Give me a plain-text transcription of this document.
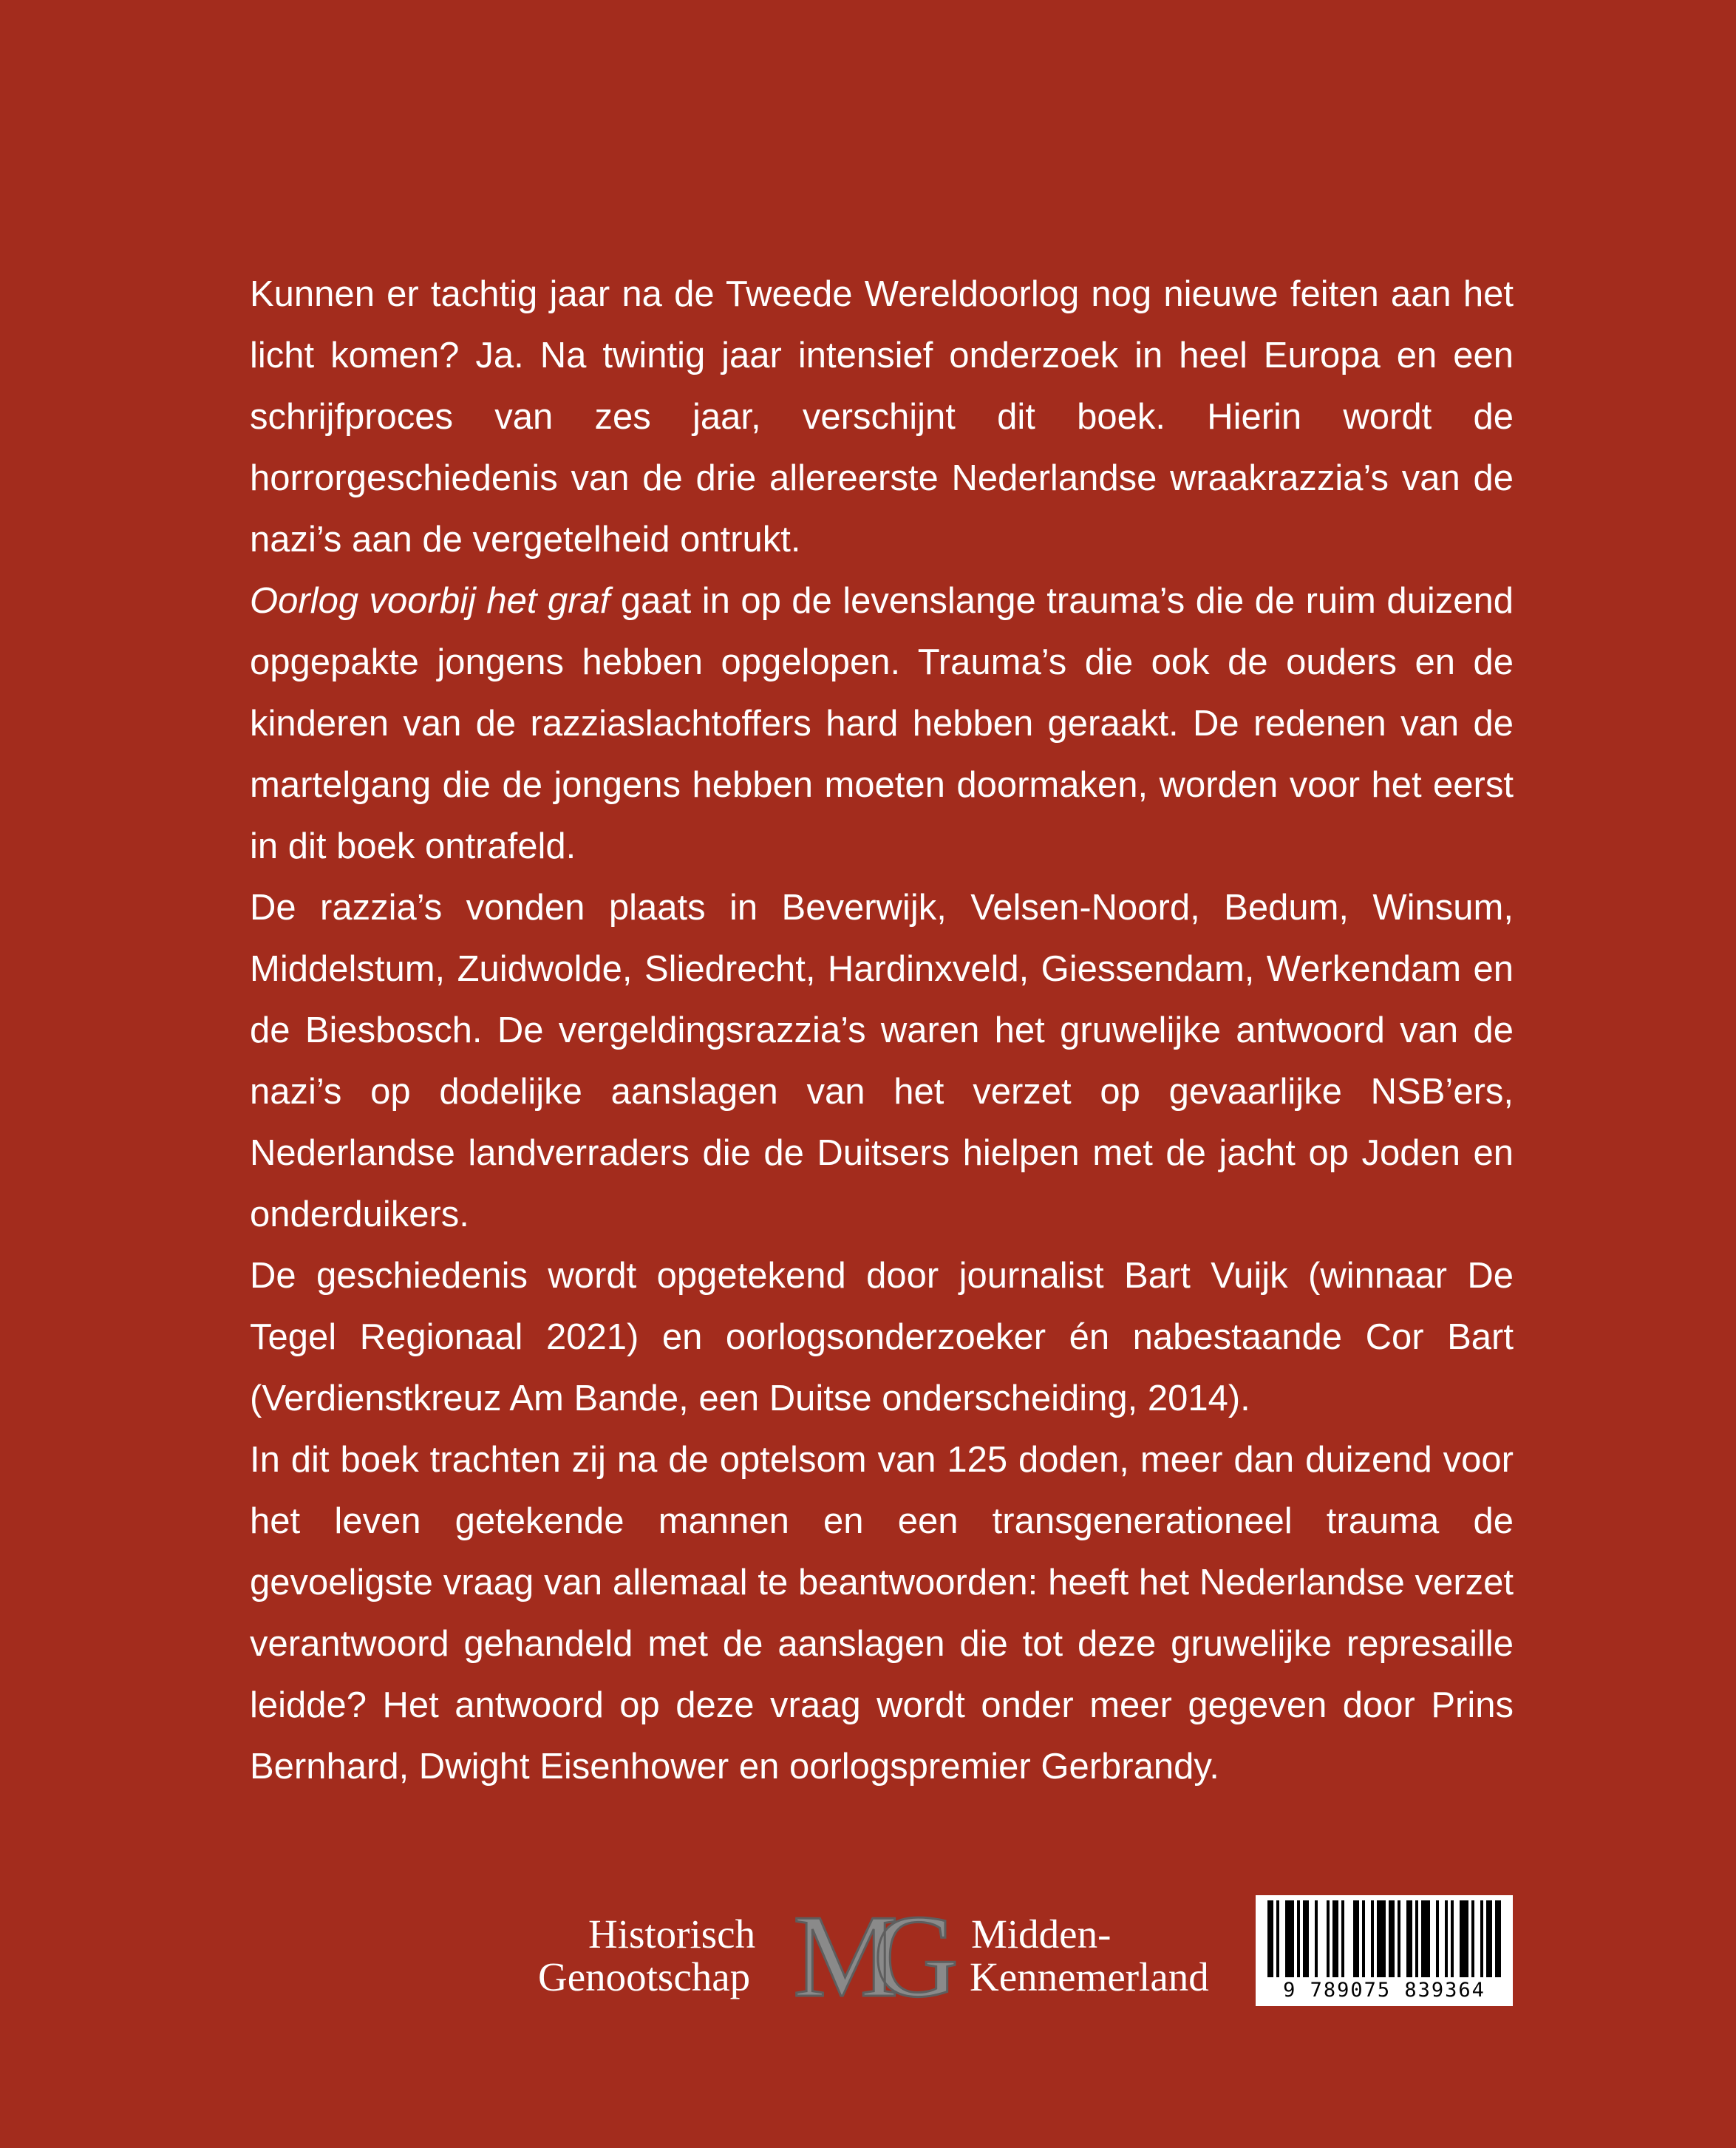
Kunnen er tachtig jaar na de Tweede Wereldoorlog nog nieuwe feiten aan het licht komen? Ja. Na twintig jaar intensief onderzoek in heel Europa en een schrijfproces van zes jaar, verschijnt dit boek. Hierin wordt de horrorgeschiedenis van de drie allereerste Nederlandse wraakrazzia’s van de nazi’s aan de vergetelheid ontrukt.

Oorlog voorbij het graf gaat in op de levenslange trauma’s die de ruim duizend opgepakte jongens hebben opgelopen. Trauma’s die ook de ouders en de kinderen van de razziaslachtoffers hard hebben geraakt. De redenen van de martelgang die de jongens hebben moeten doormaken, worden voor het eerst in dit boek ontrafeld.

De razzia’s vonden plaats in Beverwijk, Velsen-Noord, Bedum, Winsum, Middelstum, Zuidwolde, Sliedrecht, Hardinxveld, Giessendam, Werkendam en de Biesbosch. De vergeldingsrazzia’s waren het gruwelijke antwoord van de nazi’s op dodelijke aanslagen van het verzet op gevaarlijke NSB’ers, Nederlandse landverraders die de Duitsers hielpen met de jacht op Joden en onderduikers.

De geschiedenis wordt opgetekend door journalist Bart Vuijk (winnaar De Tegel Regionaal 2021) en oorlogsonderzoeker én nabestaande Cor Bart (Verdienstkreuz Am Bande, een Duitse onderscheiding, 2014).

In dit boek trachten zij na de optelsom van 125 doden, meer dan duizend voor het leven getekende mannen en een transgenerationeel trauma de gevoeligste vraag van allemaal te beantwoorden: heeft het Nederlandse verzet verantwoord gehandeld met de aanslagen die tot deze gruwelijke represaille leidde? Het antwoord op deze vraag wordt onder meer gegeven door Prins Bernhard, Dwight Eisenhower en oorlogspremier Gerbrandy.

Historisch
Genootschap MG Midden-
Kennemerland	9 789075 839364
